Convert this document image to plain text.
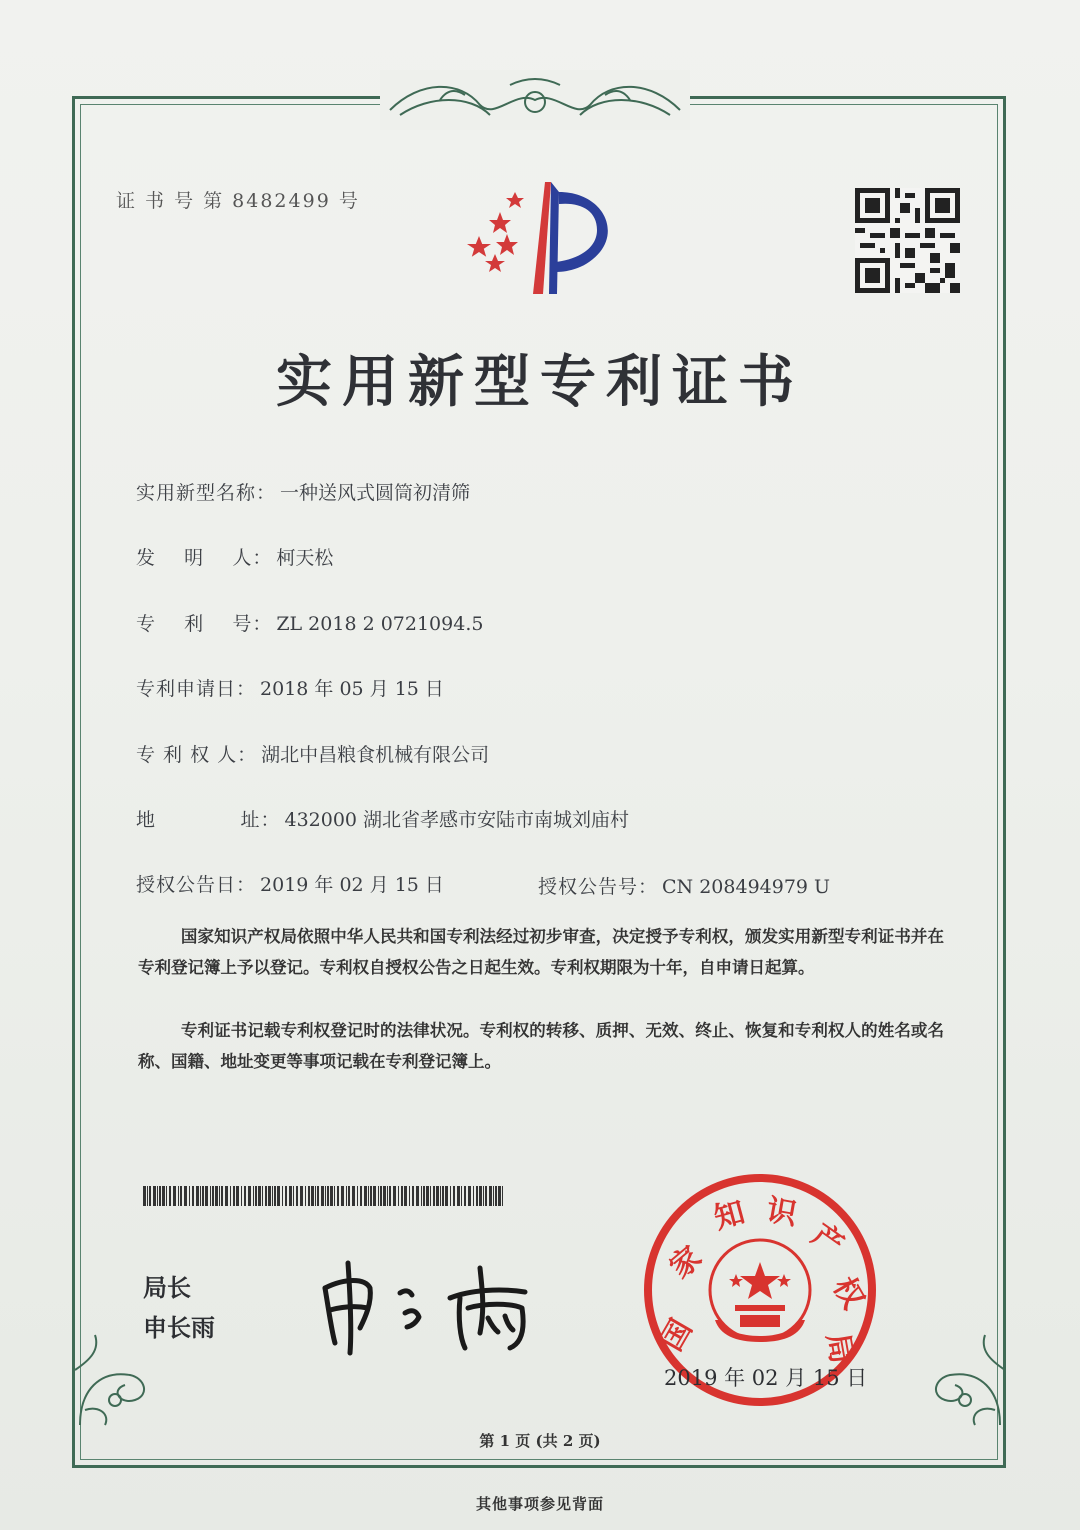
证 书 号 第 8482499 号
实用新型专利证书
实用新型名称： 一种送风式圆筒初清筛
发    明    人： 柯天松
专    利    号： ZL 2018 2 0721094.5
专利申请日： 2018 年 05 月 15 日
专 利 权 人： 湖北中昌粮食机械有限公司
地            址： 432000 湖北省孝感市安陆市南城刘庙村
授权公告日： 2019 年 02 月 15 日	授权公告号： CN 208494979 U
国家知识产权局依照中华人民共和国专利法经过初步审查，决定授予专利权，颁发实用新型专利证书并在专利登记簿上予以登记。专利权自授权公告之日起生效。专利权期限为十年，自申请日起算。
专利证书记载专利权登记时的法律状况。专利权的转移、质押、无效、终止、恢复和专利权人的姓名或名称、国籍、地址变更等事项记载在专利登记簿上。
局长
申长雨	国
家
知 识
产
权
局
2019 年 02 月 15 日
第 1 页 (共 2 页)
其他事项参见背面
